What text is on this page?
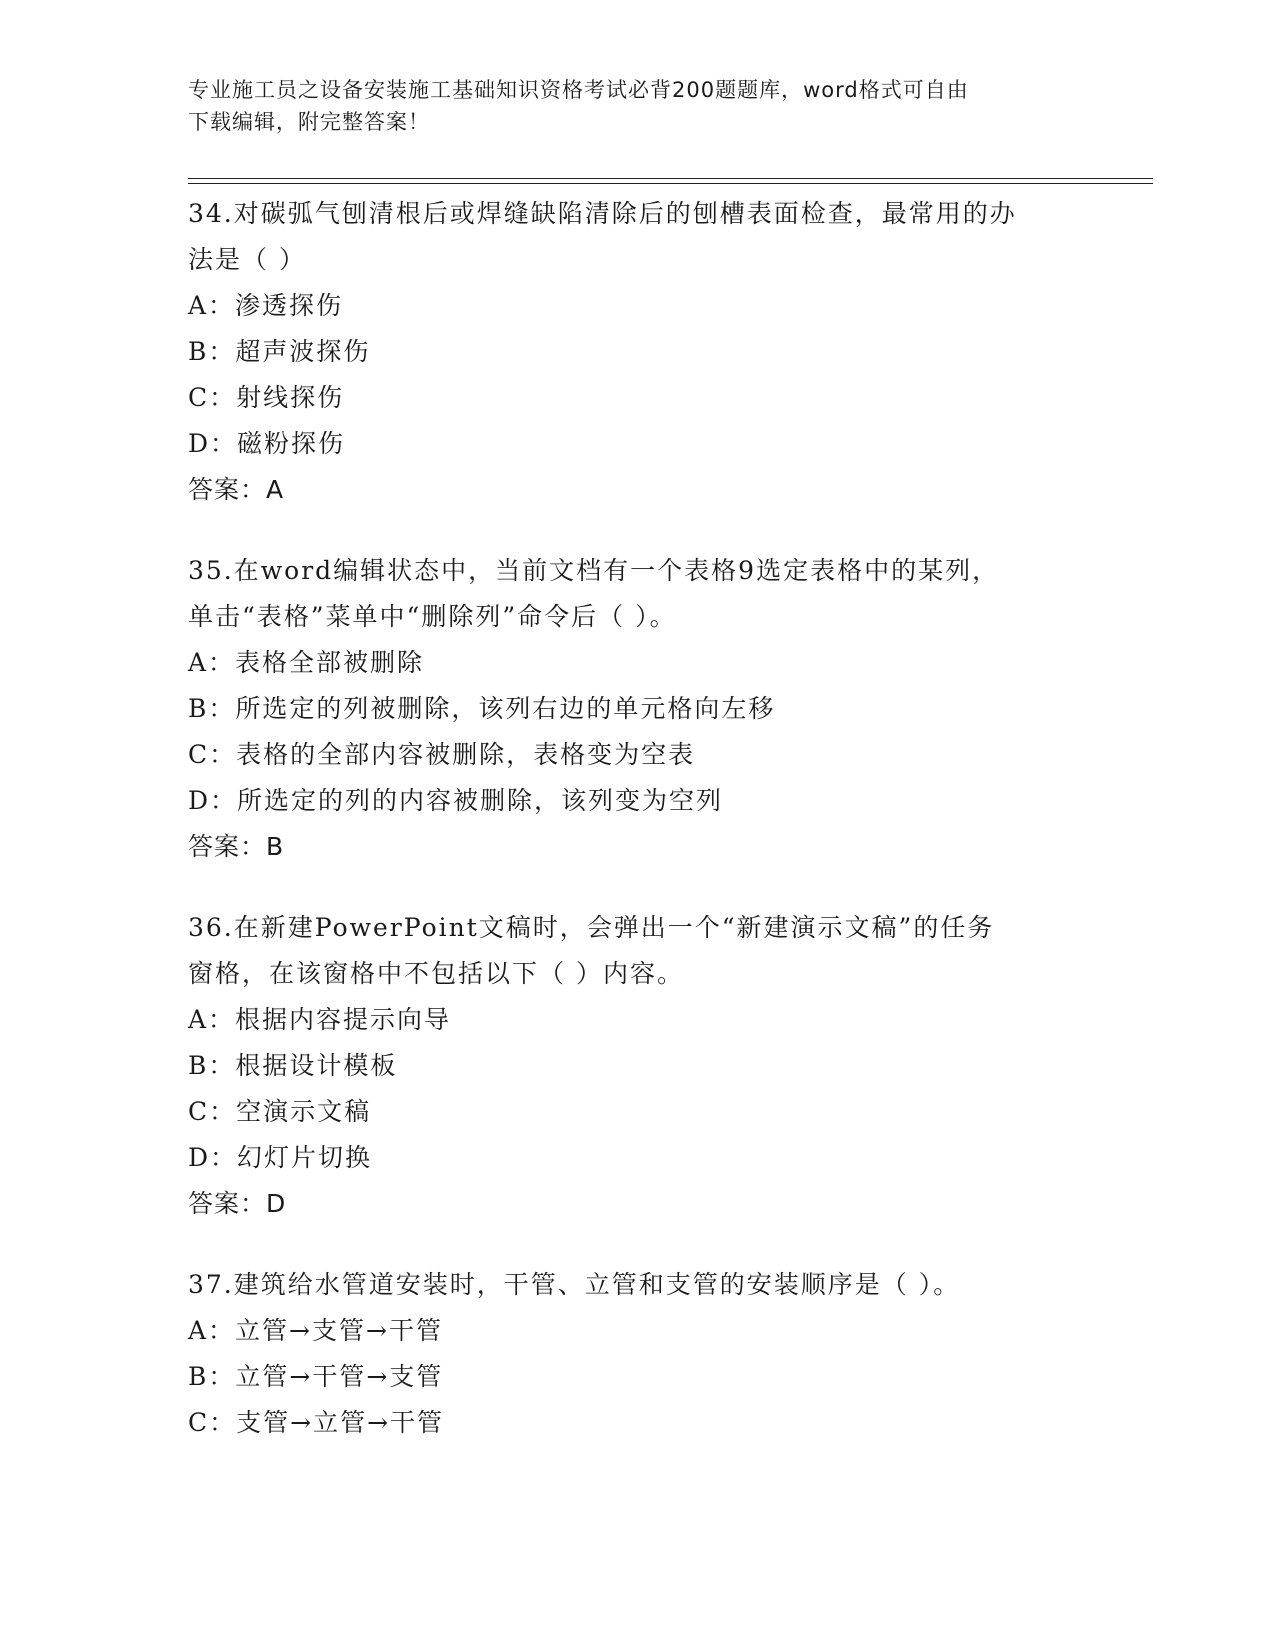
专业施工员之设备安装施工基础知识资格考试必背200题题库，word格式可自由
下载编辑，附完整答案！

34.对碳弧气刨清根后或焊缝缺陷清除后的刨槽表面检查，最常用的办

法是（ ）

A：渗透探伤

B：超声波探伤

C：射线探伤

D：磁粉探伤

答案：A

35.在word编辑状态中，当前文档有一个表格9选定表格中的某列，

单击“表格”菜单中“删除列”命令后（ ）。

A：表格全部被删除

B：所选定的列被删除，该列右边的单元格向左移

C：表格的全部内容被删除，表格变为空表

D：所选定的列的内容被删除，该列变为空列

答案：B

36.在新建PowerPoint文稿时，会弹出一个“新建演示文稿”的任务

窗格，在该窗格中不包括以下（ ）内容。

A：根据内容提示向导

B：根据设计模板

C：空演示文稿

D：幻灯片切换

答案：D

37.建筑给水管道安装时，干管、立管和支管的安装顺序是（ ）。

A：立管→支管→干管

B：立管→干管→支管

C：支管→立管→干管
